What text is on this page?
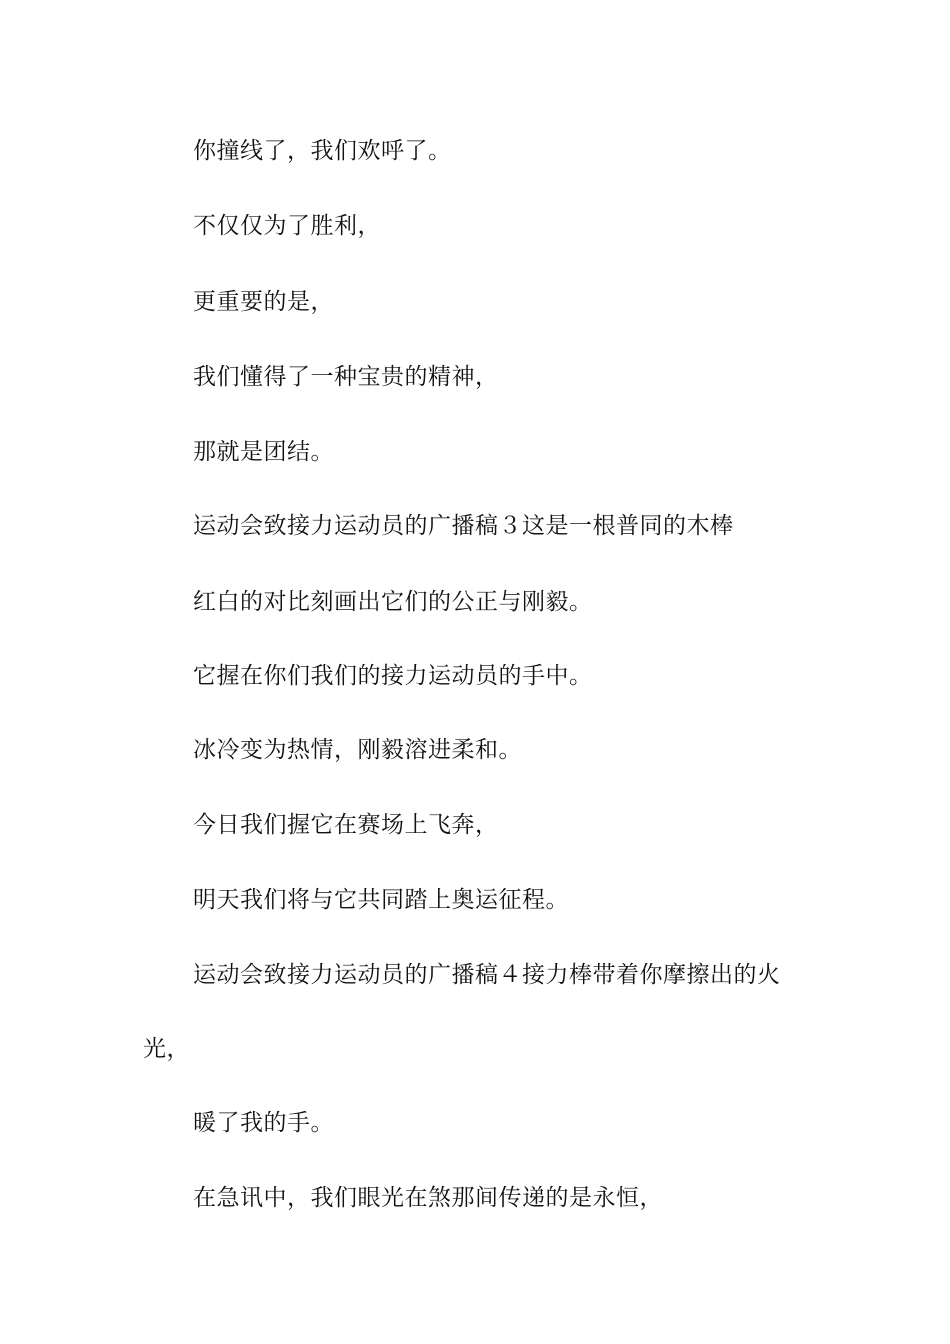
你撞线了，我们欢呼了。
不仅仅为了胜利，
更重要的是，
我们懂得了一种宝贵的精神，
那就是团结。
运动会致接力运动员的广播稿３这是一根普同的木棒
红白的对比刻画出它们的公正与刚毅。
它握在你们我们的接力运动员的手中。
冰冷变为热情，刚毅溶进柔和。
今日我们握它在赛场上飞奔，
明天我们将与它共同踏上奥运征程。
运动会致接力运动员的广播稿４接力棒带着你摩擦出的火
光，
暖了我的手。
在急讯中，我们眼光在煞那间传递的是永恒，
